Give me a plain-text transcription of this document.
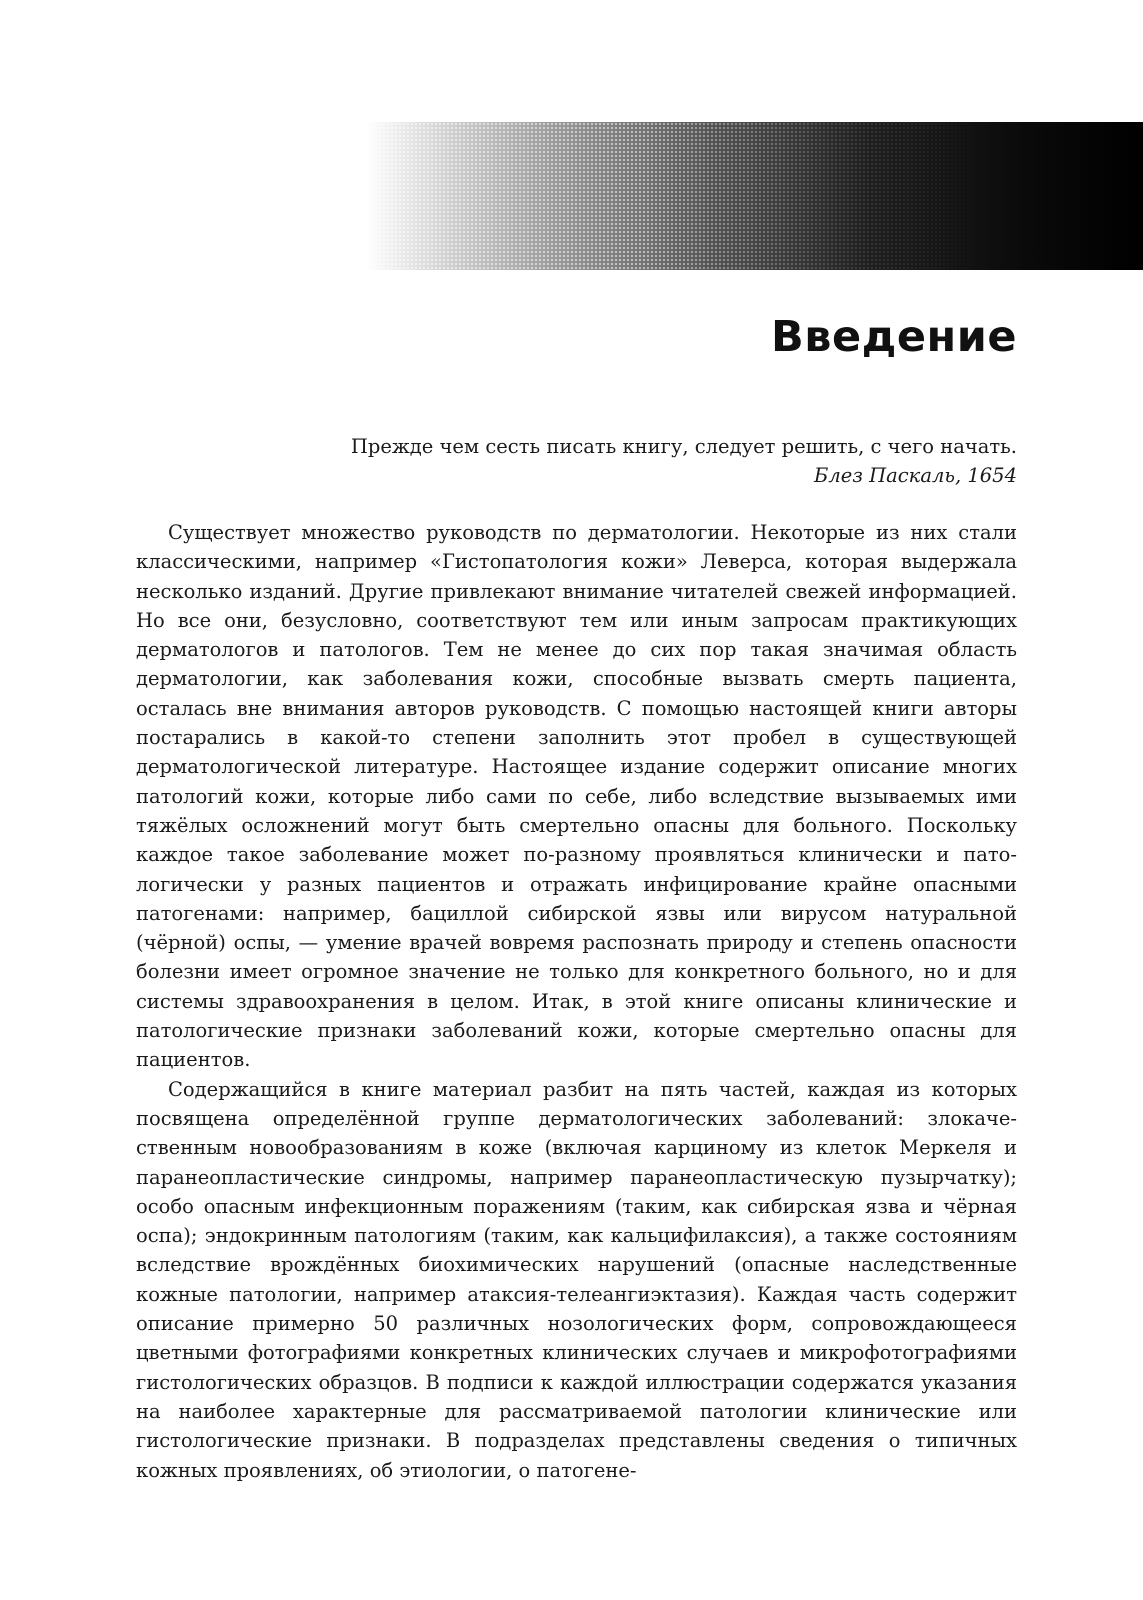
Введение
Прежде чем сесть писать книгу, следует решить, с чего начать.
Блез Паскаль, 1654

Существует множество руководств по дерматологии. Некоторые из них стали классическими, например «Гистопатология кожи» Леверса, которая выдержала несколько изданий. Другие привлекают внимание читателей свежей информацией. Но все они, безусловно, соответствуют тем или иным запросам практикующих дерматологов и патологов. Тем не менее до сих пор такая значимая область дерматологии, как заболевания кожи, способные вызвать смерть пациента, осталась вне внимания авторов руководств. С помощью настоящей книги авторы постарались в какой-то степени заполнить этот пробел в существующей дерматологической литературе. Настоящее издание содержит описание многих патологий кожи, которые либо сами по себе, либо вследствие вызываемых ими тяжёлых осложнений могут быть смертельно опасны для больного. Поскольку каждое такое заболевание может по-разному проявляться клинически и патологически у разных пациентов и отражать инфицирование крайне опасными патогенами: например, бациллой сибирской язвы или вирусом натуральной (чёрной) оспы, — умение врачей вовремя распознать природу и степень опасности болезни имеет огромное значение не только для конкретного больного, но и для системы здравоохранения в целом. Итак, в этой книге описаны клинические и патологические признаки заболеваний кожи, которые смертельно опасны для пациентов.

Содержащийся в книге материал разбит на пять частей, каждая из которых посвящена определённой группе дерматологических заболеваний: злокачественным новообразованиям в коже (включая карциному из клеток Меркеля и паранеопластические синдромы, например паранеопластическую пузырчатку); особо опасным инфекционным поражениям (таким, как сибирская язва и чёрная оспа); эндокринным патологиям (таким, как кальцифилаксия), а также состояниям вследствие врождённых биохимических нарушений (опасные наследственные кожные патологии, например атаксия-телеангиэктазия). Каждая часть содержит описание примерно 50 различных нозологических форм, сопровождающееся цветными фотографиями конкретных клинических случаев и микрофотографиями гистологических образцов. В подписи к каждой иллюстрации содержатся указания на наиболее характерные для рассматриваемой патологии клинические или гистологические признаки. В подразделах представлены сведения о типичных кожных проявлениях, об этиологии, о патогене-
